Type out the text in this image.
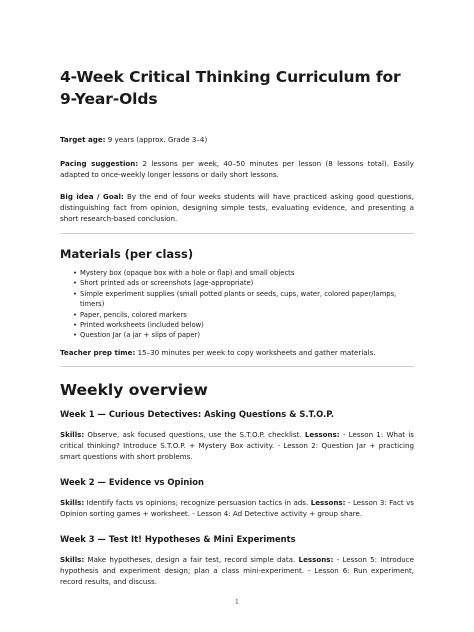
4-Week Critical Thinking Curriculum for
9-Year-Olds

Target age: 9 years (approx. Grade 3–4)

Pacing suggestion: 2 lessons per week, 40–50 minutes per lesson (8 lessons total). Easily adapted to once-weekly longer lessons or daily short lessons.

Big idea / Goal: By the end of four weeks students will have practiced asking good questions, distinguishing fact from opinion, designing simple tests, evaluating evidence, and presenting a short research-based conclusion.

Materials (per class)
• Mystery box (opaque box with a hole or flap) and small objects
• Short printed ads or screenshots (age-appropriate)
• Simple experiment supplies (small potted plants or seeds, cups, water, colored paper/lamps, timers)
• Paper, pencils, colored markers
• Printed worksheets (included below)
• Question Jar (a jar + slips of paper)

Teacher prep time: 15–30 minutes per week to copy worksheets and gather materials.

Weekly overview
Week 1 — Curious Detectives: Asking Questions & S.T.O.P.

Skills: Observe, ask focused questions, use the S.T.O.P. checklist. Lessons: - Lesson 1: What is critical thinking? Introduce S.T.O.P. + Mystery Box activity. - Lesson 2: Question Jar + practicing smart questions with short problems.

Week 2 — Evidence vs Opinion

Skills: Identify facts vs opinions; recognize persuasion tactics in ads. Lessons: - Lesson 3: Fact vs Opinion sorting games + worksheet. - Lesson 4: Ad Detective activity + group share.

Week 3 — Test It! Hypotheses & Mini Experiments

Skills: Make hypotheses, design a fair test, record simple data. Lessons: - Lesson 5: Introduce hypothesis and experiment design; plan a class mini-experiment. - Lesson 6: Run experiment, record results, and discuss.

1
